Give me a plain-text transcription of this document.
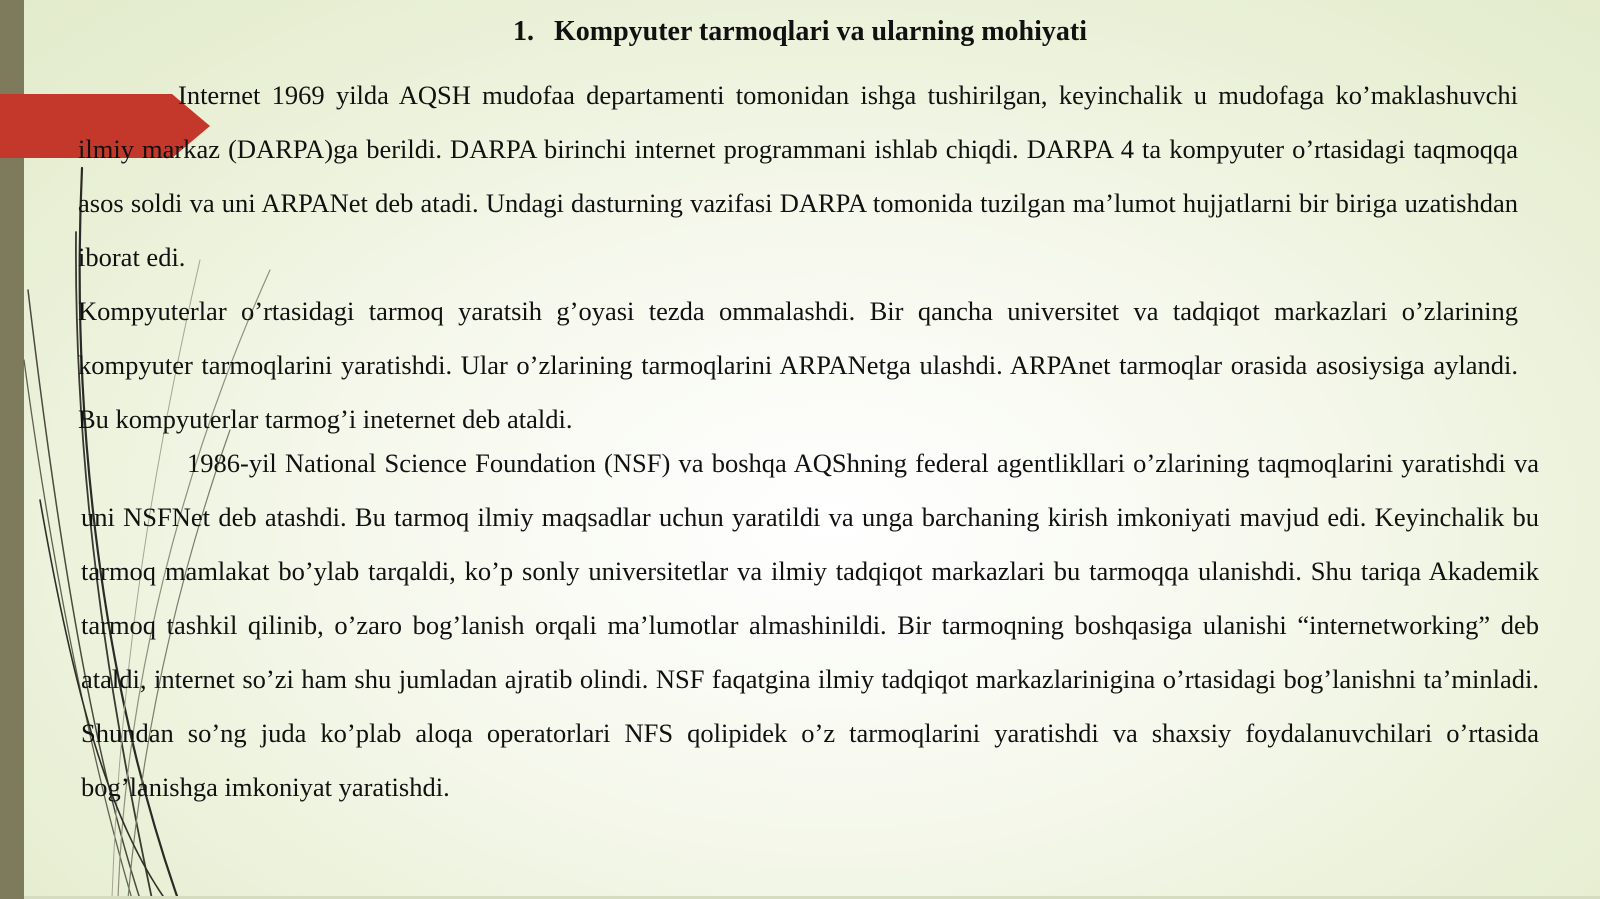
1. Kompyuter tarmoqlari va ularning mohiyati

Internet 1969 yilda AQSH mudofaa departamenti tomonidan ishga tushirilgan, keyinchalik u mudofaga ko’maklashuvchi ilmiy markaz (DARPA)ga berildi. DARPA birinchi internet programmani ishlab chiqdi. DARPA 4 ta kompyuter o’rtasidagi taqmoqqa asos soldi va uni ARPANet deb atadi. Undagi dasturning vazifasi DARPA tomonida tuzilgan ma’lumot hujjatlarni bir biriga uzatishdan iborat edi.

Kompyuterlar o’rtasidagi tarmoq yaratsih g’oyasi tezda ommalashdi. Bir qancha universitet va tadqiqot markazlari o’zlarining kompyuter tarmoqlarini yaratishdi. Ular o’zlarining tarmoqlarini ARPANetga ulashdi. ARPAnet tarmoqlar orasida asosiysiga aylandi. Bu kompyuterlar tarmog’i ineternet deb ataldi.

1986-yil National Science Foundation (NSF) va boshqa AQShning federal agentlikllari o’zlarining taqmoqlarini yaratishdi va uni NSFNet deb atashdi. Bu tarmoq ilmiy maqsadlar uchun yaratildi va unga barchaning kirish imkoniyati mavjud edi. Keyinchalik bu tarmoq mamlakat bo’ylab tarqaldi, ko’p sonly universitetlar va ilmiy tadqiqot markazlari bu tarmoqqa ulanishdi. Shu tariqa Akademik tarmoq tashkil qilinib, o’zaro bog’lanish orqali ma’lumotlar almashinildi. Bir tarmoqning boshqasiga ulanishi “internetworking” deb ataldi, internet so’zi ham shu jumladan ajratib olindi. NSF faqatgina ilmiy tadqiqot markazlarinigina o’rtasidagi bog’lanishni ta’minladi. Shundan so’ng juda ko’plab aloqa operatorlari NFS qolipidek o’z tarmoqlarini yaratishdi va shaxsiy foydalanuvchilari o’rtasida bog’lanishga imkoniyat yaratishdi.
